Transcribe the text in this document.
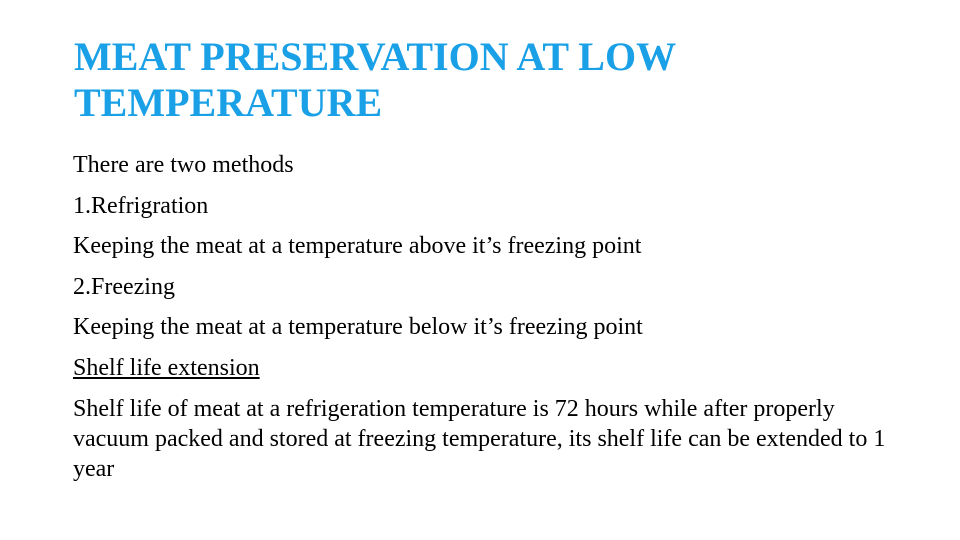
MEAT PRESERVATION AT LOW
TEMPERATURE
There are two methods
1.Refrigration
Keeping the meat at a temperature above it’s freezing point
2.Freezing
Keeping the meat at a temperature below it’s freezing point
Shelf life extension
Shelf life of meat at a refrigeration temperature is 72 hours while after properly vacuum packed and stored at freezing temperature, its shelf life can be extended to 1 year
